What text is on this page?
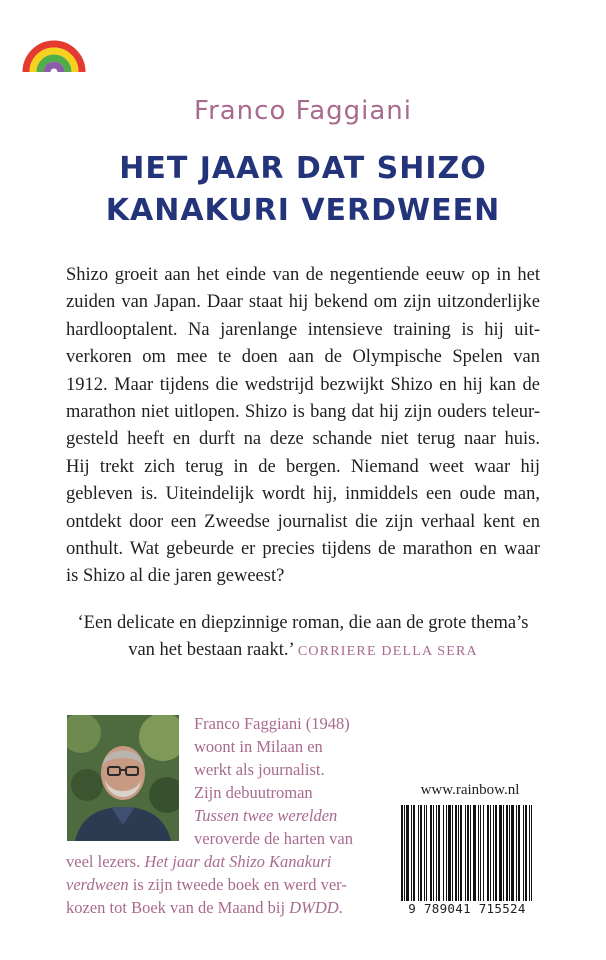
Franco Faggiani
HET JAAR DAT SHIZO
KANAKURI VERDWEEN
Shizo groeit aan het einde van de negentiende eeuw op in het
zuiden van Japan. Daar staat hij bekend om zijn uitzonderlijke
hardlooptalent. Na jarenlange intensieve training is hij uit-
verkoren om mee te doen aan de Olympische Spelen van
1912. Maar tijdens die wedstrijd bezwijkt Shizo en hij kan de
marathon niet uitlopen. Shizo is bang dat hij zijn ouders teleur-
gesteld heeft en durft na deze schande niet terug naar huis.
Hij trekt zich terug in de bergen. Niemand weet waar hij
gebleven is. Uiteindelijk wordt hij, inmiddels een oude man,
ontdekt door een Zweedse journalist die zijn verhaal kent en
onthult. Wat gebeurde er precies tijdens de marathon en waar
is Shizo al die jaren geweest?
‘Een delicate en diepzinnige roman, die aan de grote thema’s
van het bestaan raakt.’ CORRIERE DELLA SERA
Franco Faggiani (1948)
woont in Milaan en
werkt als journalist.
Zijn debuutroman
Tussen twee werelden
veroverde de harten van
veel lezers. Het jaar dat Shizo Kanakuri
verdween is zijn tweede boek en werd ver-
kozen tot Boek van de Maand bij DWDD.
www.rainbow.nl
9 789041 715524
